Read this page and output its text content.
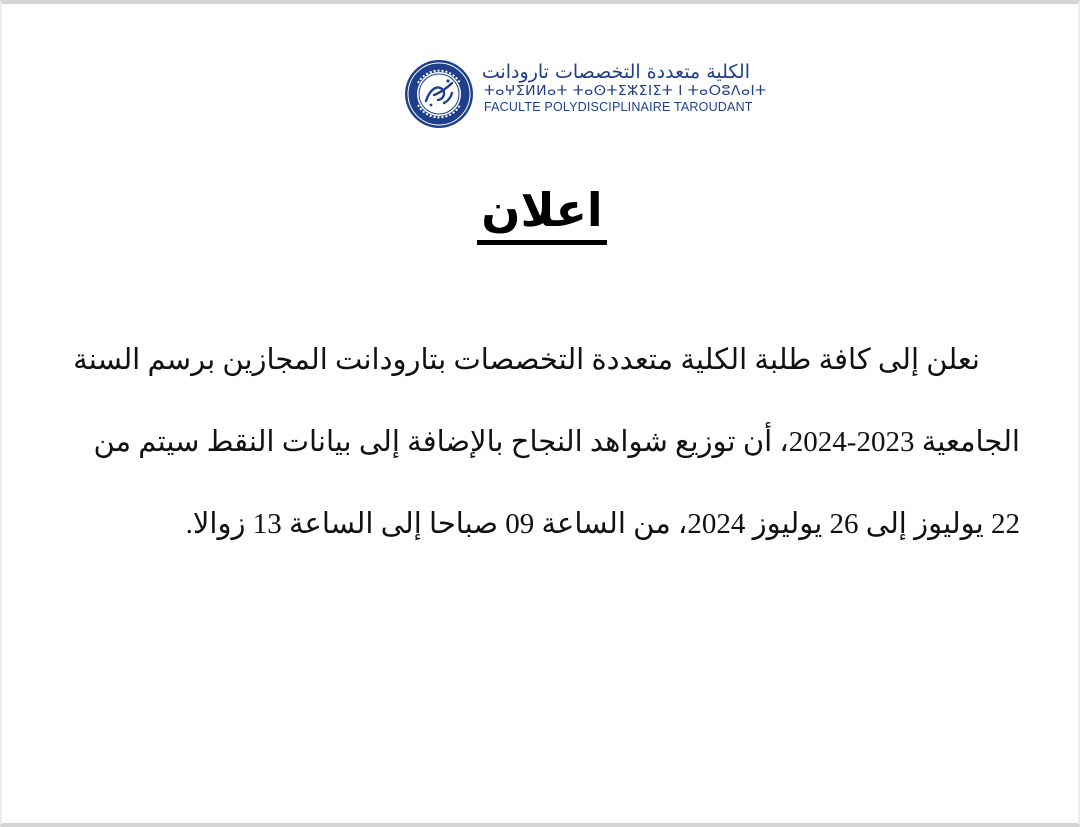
الكلية متعددة التخصصات تارودانت
ⵜⴰⵖⵉⵍⵍⴰⵜ ⵜⴰⵙⵜⵉⵣⵉⵏⵉⵜ ⵏ ⵜⴰⵔⵓⴷⴰⵏⵜ
FACULTE POLYDISCIPLINAIRE TAROUDANT
اعلان
نعلن إلى كافة طلبة الكلية متعددة التخصصات بتارودانت المجازين برسم السنة
الجامعية 2023-2024، أن توزيع شواهد النجاح بالإضافة إلى بيانات النقط سيتم من
22 يوليوز إلى 26 يوليوز 2024، من الساعة 09 صباحا إلى الساعة 13 زوالا.
